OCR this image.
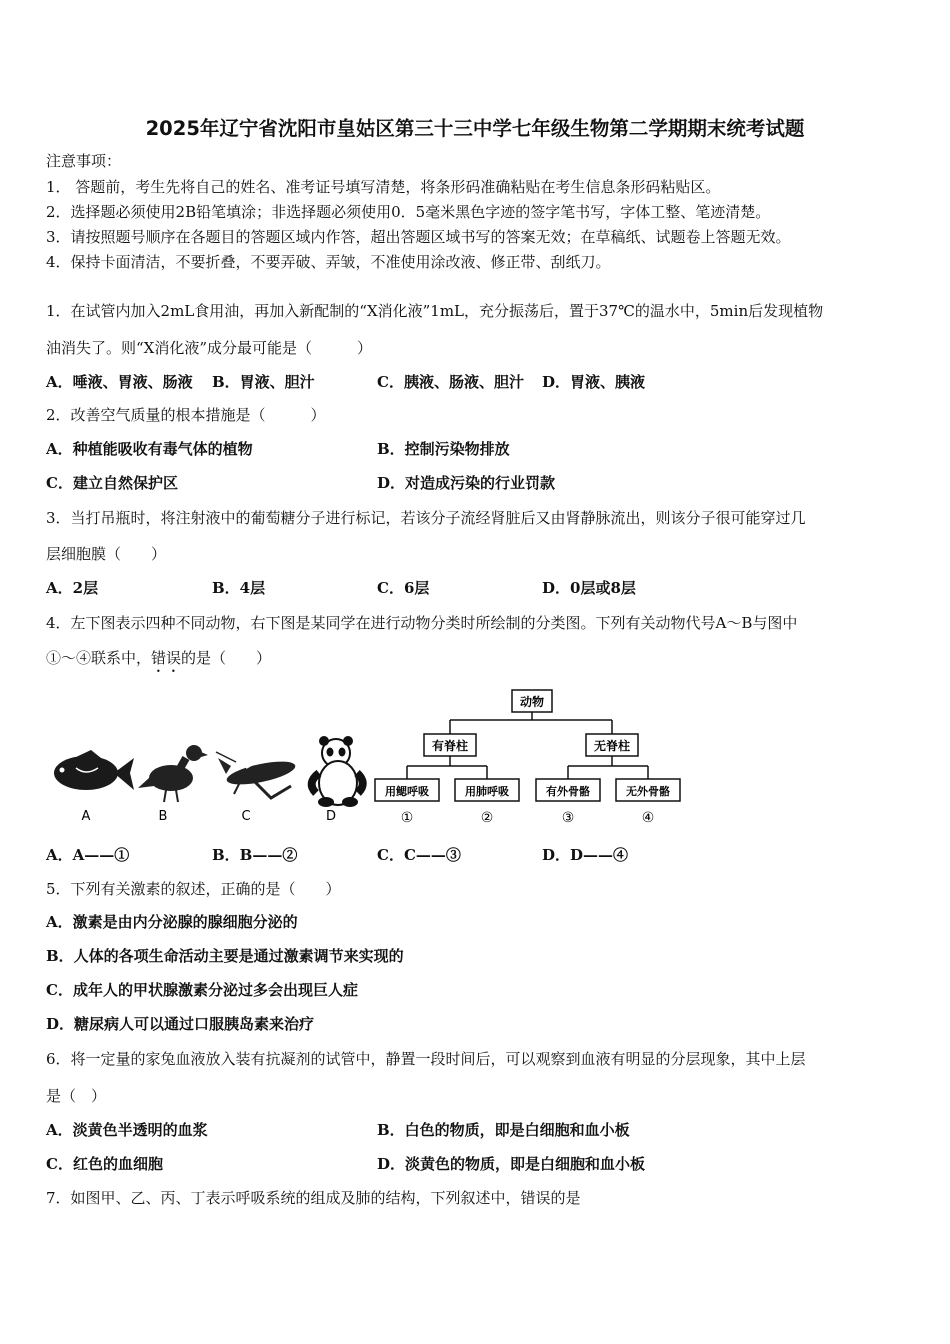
2025年辽宁省沈阳市皇姑区第三十三中学七年级生物第二学期期末统考试题
注意事项：
1． 答题前，考生先将自己的姓名、准考证号填写清楚，将条形码准确粘贴在考生信息条形码粘贴区。
2．选择题必须使用2B铅笔填涂；非选择题必须使用0．5毫米黑色字迹的签字笔书写，字体工整、笔迹清楚。
3．请按照题号顺序在各题目的答题区域内作答，超出答题区域书写的答案无效；在草稿纸、试题卷上答题无效。
4．保持卡面清洁，不要折叠，不要弄破、弄皱，不准使用涂改液、修正带、刮纸刀。
1．在试管内加入2mL食用油，再加入新配制的“X消化液”1mL，充分振荡后，置于37℃的温水中，5min后发现植物
油消失了。则“X消化液”成分最可能是（　　　）
A．唾液、胃液、肠液 B．胃液、胆汁	C．胰液、肠液、胆汁 D．胃液、胰液
2．改善空气质量的根本措施是（　　　）
A．种植能吸收有毒气体的植物	B．控制污染物排放
C．建立自然保护区	D．对造成污染的行业罚款
3．当打吊瓶时，将注射液中的葡萄糖分子进行标记，若该分子流经肾脏后又由肾静脉流出，则该分子很可能穿过几
层细胞膜（　　）
A．2层	B．4层	C．6层	D．0层或8层
4．左下图表示四种不同动物，右下图是某同学在进行动物分类时所绘制的分类图。下列有关动物代号A～B与图中
①～④联系中，错误的是（　　）
A	B	C	D
动物
有脊柱	无脊柱
用鳃呼吸	用肺呼吸	有外骨骼	无外骨骼
①	②	③	④
A．A——①	B．B——②	C．C——③	D．D——④
5．下列有关激素的叙述，正确的是（　　）
A．激素是由内分泌腺的腺细胞分泌的
B．人体的各项生命活动主要是通过激素调节来实现的
C．成年人的甲状腺激素分泌过多会出现巨人症
D．糖尿病人可以通过口服胰岛素来治疗
6．将一定量的家兔血液放入装有抗凝剂的试管中，静置一段时间后，可以观察到血液有明显的分层现象，其中上层
是（　）
A．淡黄色半透明的血浆	B．白色的物质，即是白细胞和血小板
C．红色的血细胞	D．淡黄色的物质，即是白细胞和血小板
7．如图甲、乙、丙、丁表示呼吸系统的组成及肺的结构，下列叙述中，错误的是
